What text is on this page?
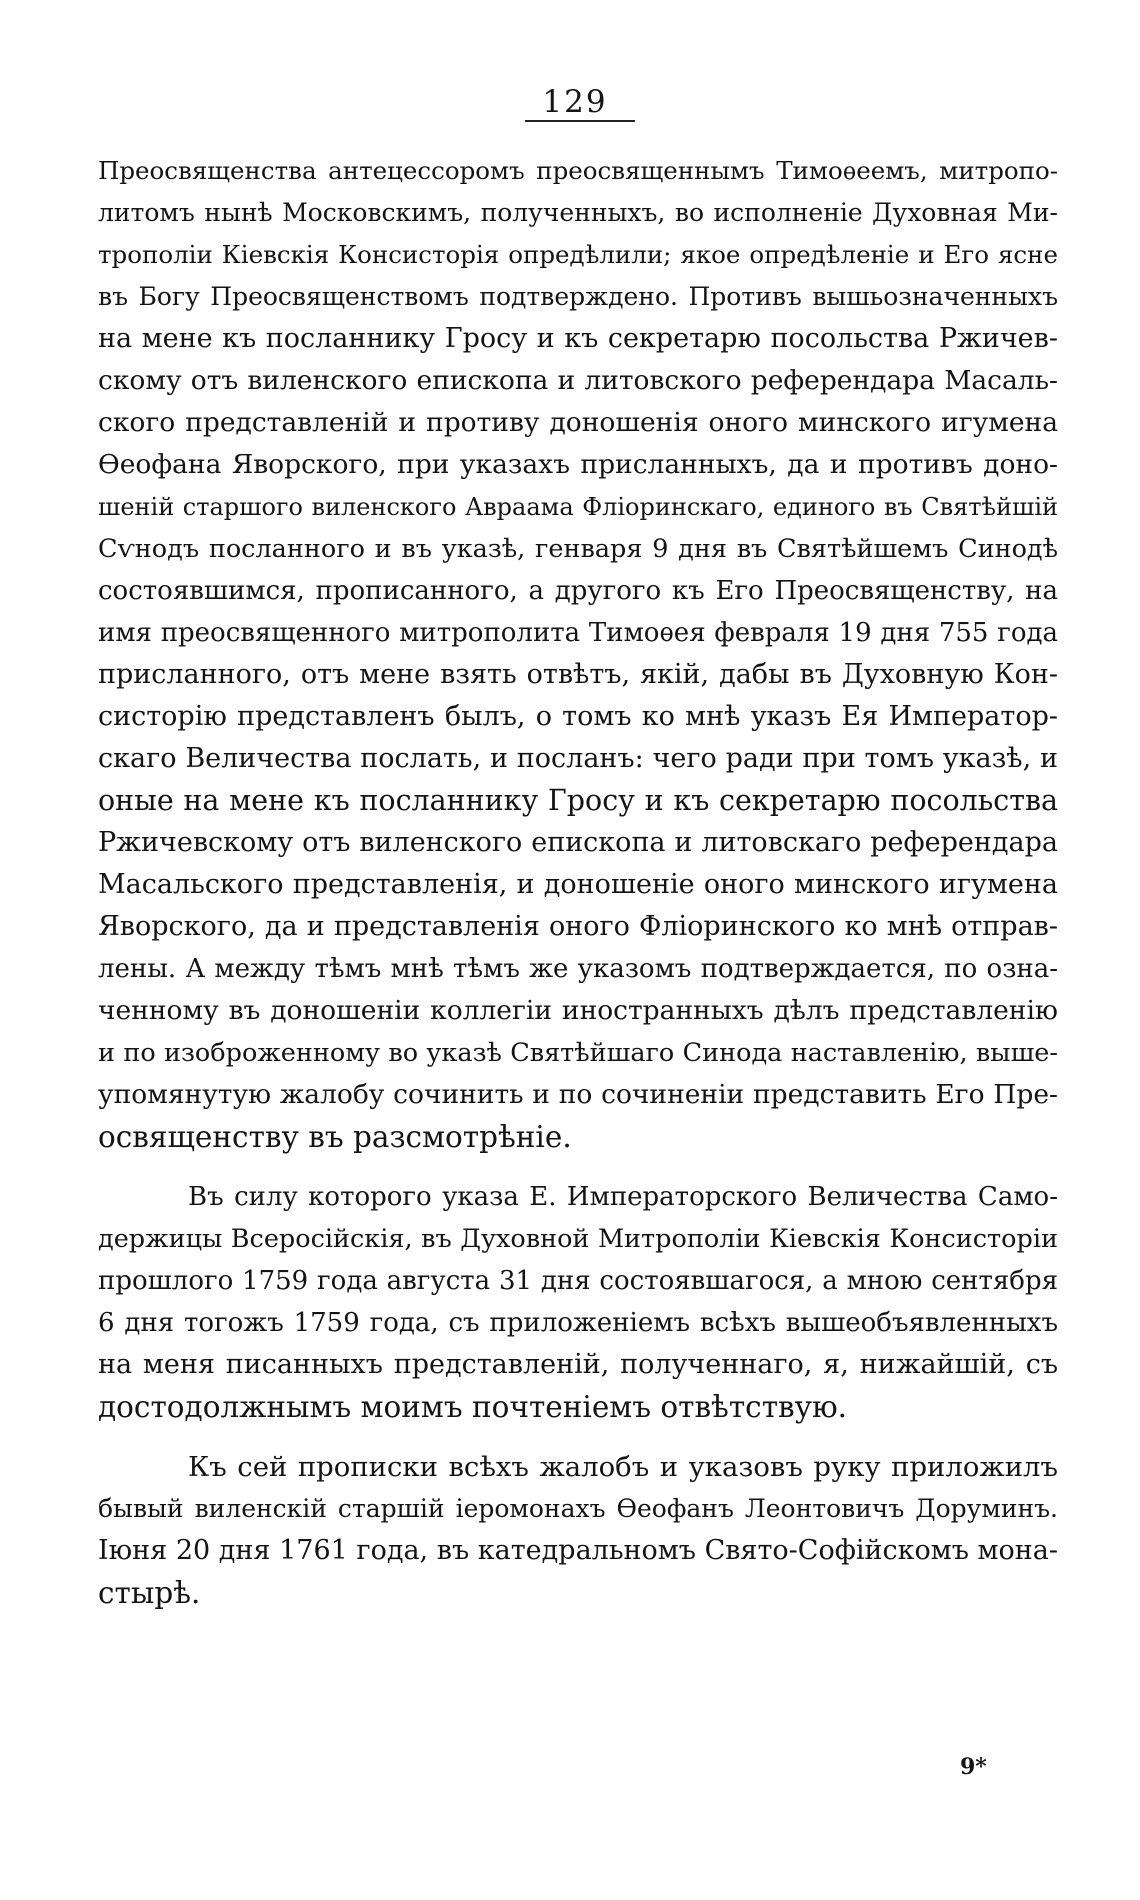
129
Преосвященства антецессоромъ преосвященнымъ Тимоѳеемъ, митропо-
литомъ нынѣ Московскимъ, полученныхъ, во исполненіе Духовная Ми-
трополіи Кіевскія Консисторія опредѣлили; якое опредѣленіе и Его ясне
въ Богу Преосвященствомъ подтверждено. Противъ вышьозначенныхъ
на мене къ посланнику Гросу и къ секретарю посольства Ржичев-
скому отъ виленского епископа и литовского референдара Масаль-
ского представленій и противу доношенія оного минского игумена
Ѳеофана Яворского, при указахъ присланныхъ, да и противъ доно-
шеній старшого виленского Авраама Фліоринскаго, единого въ Святѣйшій
Сѵнодъ посланного и въ указѣ, генваря 9 дня въ Святѣйшемъ Синодѣ
состоявшимся, прописанного, а другого къ Его Преосвященству, на
имя преосвященного митрополита Тимоѳея февраля 19 дня 755 года
присланного, отъ мене взять отвѣтъ, якій, дабы въ Духовную Кон-
систорію представленъ былъ, о томъ ко мнѣ указъ Ея Император-
скаго Величества послать, и посланъ: чего ради при томъ указѣ, и
оные на мене къ посланнику Гросу и къ секретарю посольства
Ржичевскому отъ виленского епископа и литовскаго референдара
Масальского представленія, и доношеніе оного минского игумена
Яворского, да и представленія оного Фліоринского ко мнѣ отправ-
лены. А между тѣмъ мнѣ тѣмъ же указомъ подтверждается, по озна-
ченному въ доношеніи коллегіи иностранныхъ дѣлъ представленію
и по изоброженному во указѣ Святѣйшаго Синода наставленію, выше-
упомянутую жалобу сочинить и по сочиненіи представить Его Пре-
освященству въ разсмотрѣніе.
Въ силу которого указа Е. Императорского Величества Само-
держицы Всеросійскія, въ Духовной Митрополіи Кіевскія Консисторіи
прошлого 1759 года августа 31 дня состоявшагося, а мною сентября
6 дня тогожъ 1759 года, съ приложеніемъ всѣхъ вышеобъявленныхъ
на меня писанныхъ представленій, полученнаго, я, нижайшій, съ
достодолжнымъ моимъ почтеніемъ отвѣтствую.
Къ сей прописки всѣхъ жалобъ и указовъ руку приложилъ
бывый виленскій старшій іеромонахъ Ѳеофанъ Леонтовичъ Доруминъ.
Іюня 20 дня 1761 года, въ катедральномъ Свято-Софійскомъ мона-
стырѣ.
9*
